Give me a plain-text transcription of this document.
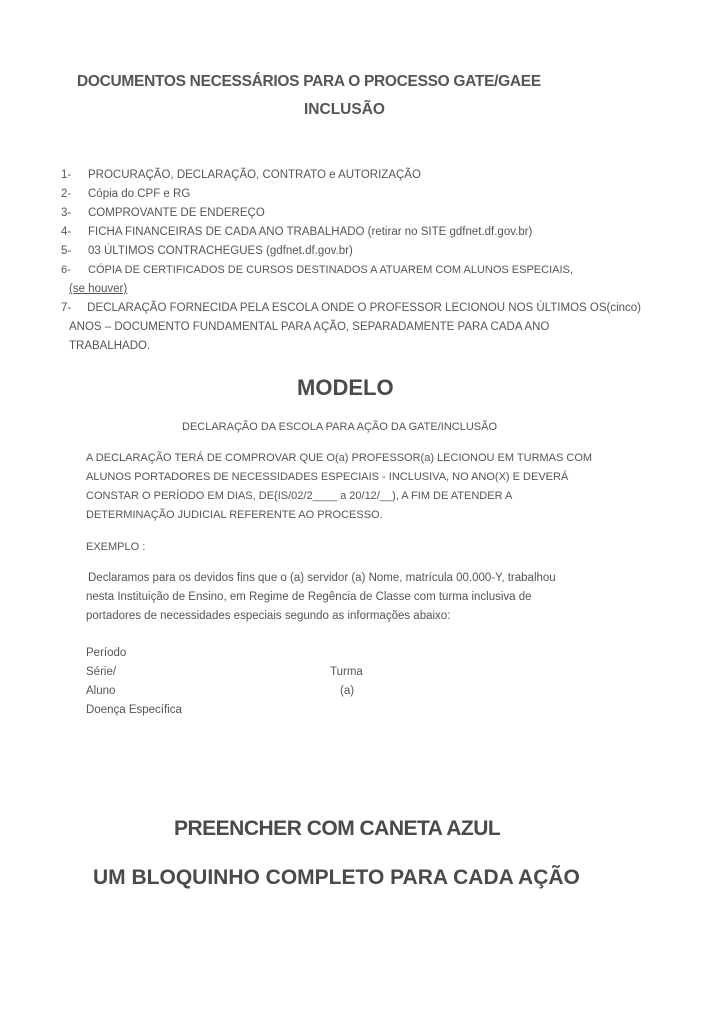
DOCUMENTOS NECESSÁRIOS PARA O PROCESSO GATE/GAEE
INCLUSÃO
1- PROCURAÇÃO, DECLARAÇÃO, CONTRATO e AUTORIZAÇÃO
2- Cópia do CPF e RG
3- COMPROVANTE DE ENDEREÇO
4- FICHA FINANCEIRAS DE CADA ANO TRABALHADO (retirar no SITE gdfnet.df.gov.br)
5- 03 ÚLTIMOS CONTRACHEGUES (gdfnet.df.gov.br)
6-	CÓPIA DE CERTIFICADOS DE CURSOS DESTINADOS A ATUAREM COM ALUNOS ESPECIAIS,
(se houver)
7-	DECLARAÇÃO FORNECIDA PELA ESCOLA ONDE O PROFESSOR LECIONOU NOS ÚLTIMOS OS(cinco)
ANOS – DOCUMENTO FUNDAMENTAL PARA AÇÃO, SEPARADAMENTE PARA CADA ANO
TRABALHADO.
MODELO
DECLARAÇÃO DA ESCOLA PARA AÇÃO DA GATE/INCLUSÃO
A DECLARAÇÃO TERÁ DE COMPROVAR QUE O(a) PROFESSOR(a) LECIONOU EM TURMAS COM
ALUNOS PORTADORES DE NECESSIDADES ESPECIAIS - INCLUSIVA, NO ANO(X) E DEVERÁ
CONSTAR O PERÍODO EM DIAS, DE{IS/02/2____ a 20/12/__), A FIM DE ATENDER A
DETERMINAÇÃO JUDICIAL REFERENTE AO PROCESSO.
EXEMPLO :
Declaramos para os devidos fins que o (a) servidor (a) Nome, matrícula 00.000-Y, trabalhou
nesta Instituição de Ensino, em Regime de Regência de Classe com turma inclusiva de
portadores de necessidades especiais segundo as informações abaixo:
Período
Série/	Turma
Aluno	(a)
Doença Específica
PREENCHER COM CANETA AZUL
UM BLOQUINHO COMPLETO PARA CADA AÇÃO
